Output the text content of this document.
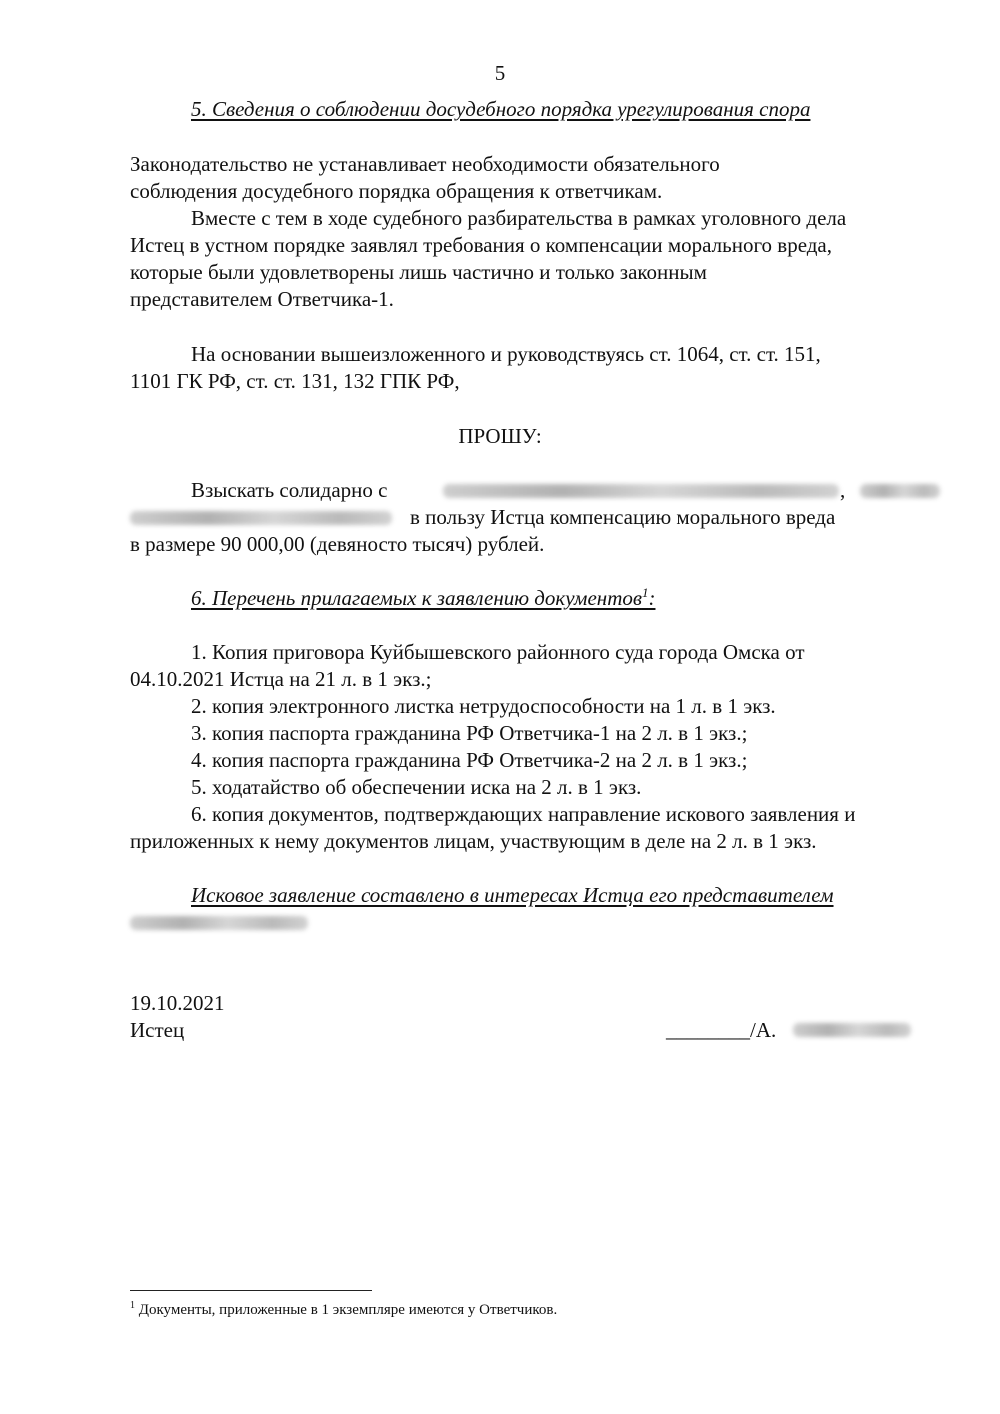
5
5. Сведения о соблюдении досудебного порядка урегулирования спора
Законодательство не устанавливает необходимости обязательного
соблюдения досудебного порядка обращения к ответчикам.
Вместе с тем в ходе судебного разбирательства в рамках уголовного дела
Истец в устном порядке заявлял требования о компенсации морального вреда,
которые были удовлетворены лишь частично и только законным
представителем Ответчика-1.
На основании вышеизложенного и руководствуясь ст. 1064, ст. ст. 151,
1101 ГК РФ, ст. ст. 131, 132 ГПК РФ,
ПРОШУ:
Взыскать солидарно с	,
в пользу Истца компенсацию морального вреда
в размере 90 000,00 (девяносто тысяч) рублей.
6. Перечень прилагаемых к заявлению документов$^1$:
1. Копия приговора Куйбышевского районного суда города Омска от
04.10.2021 Истца на 21 л. в 1 экз.;
2. копия электронного листка нетрудоспособности на 1 л. в 1 экз.
3. копия паспорта гражданина РФ Ответчика-1 на 2 л. в 1 экз.;
4. копия паспорта гражданина РФ Ответчика-2 на 2 л. в 1 экз.;
5. ходатайство об обеспечении иска на 2 л. в 1 экз.
6. копия документов, подтверждающих направление искового заявления и
приложенных к нему документов лицам, участвующим в деле на 2 л. в 1 экз.
Исковое заявление составлено в интересах Истца его представителем
19.10.2021
Истец	________/А.
$^1$ Документы, приложенные в 1 экземпляре имеются у Ответчиков.
